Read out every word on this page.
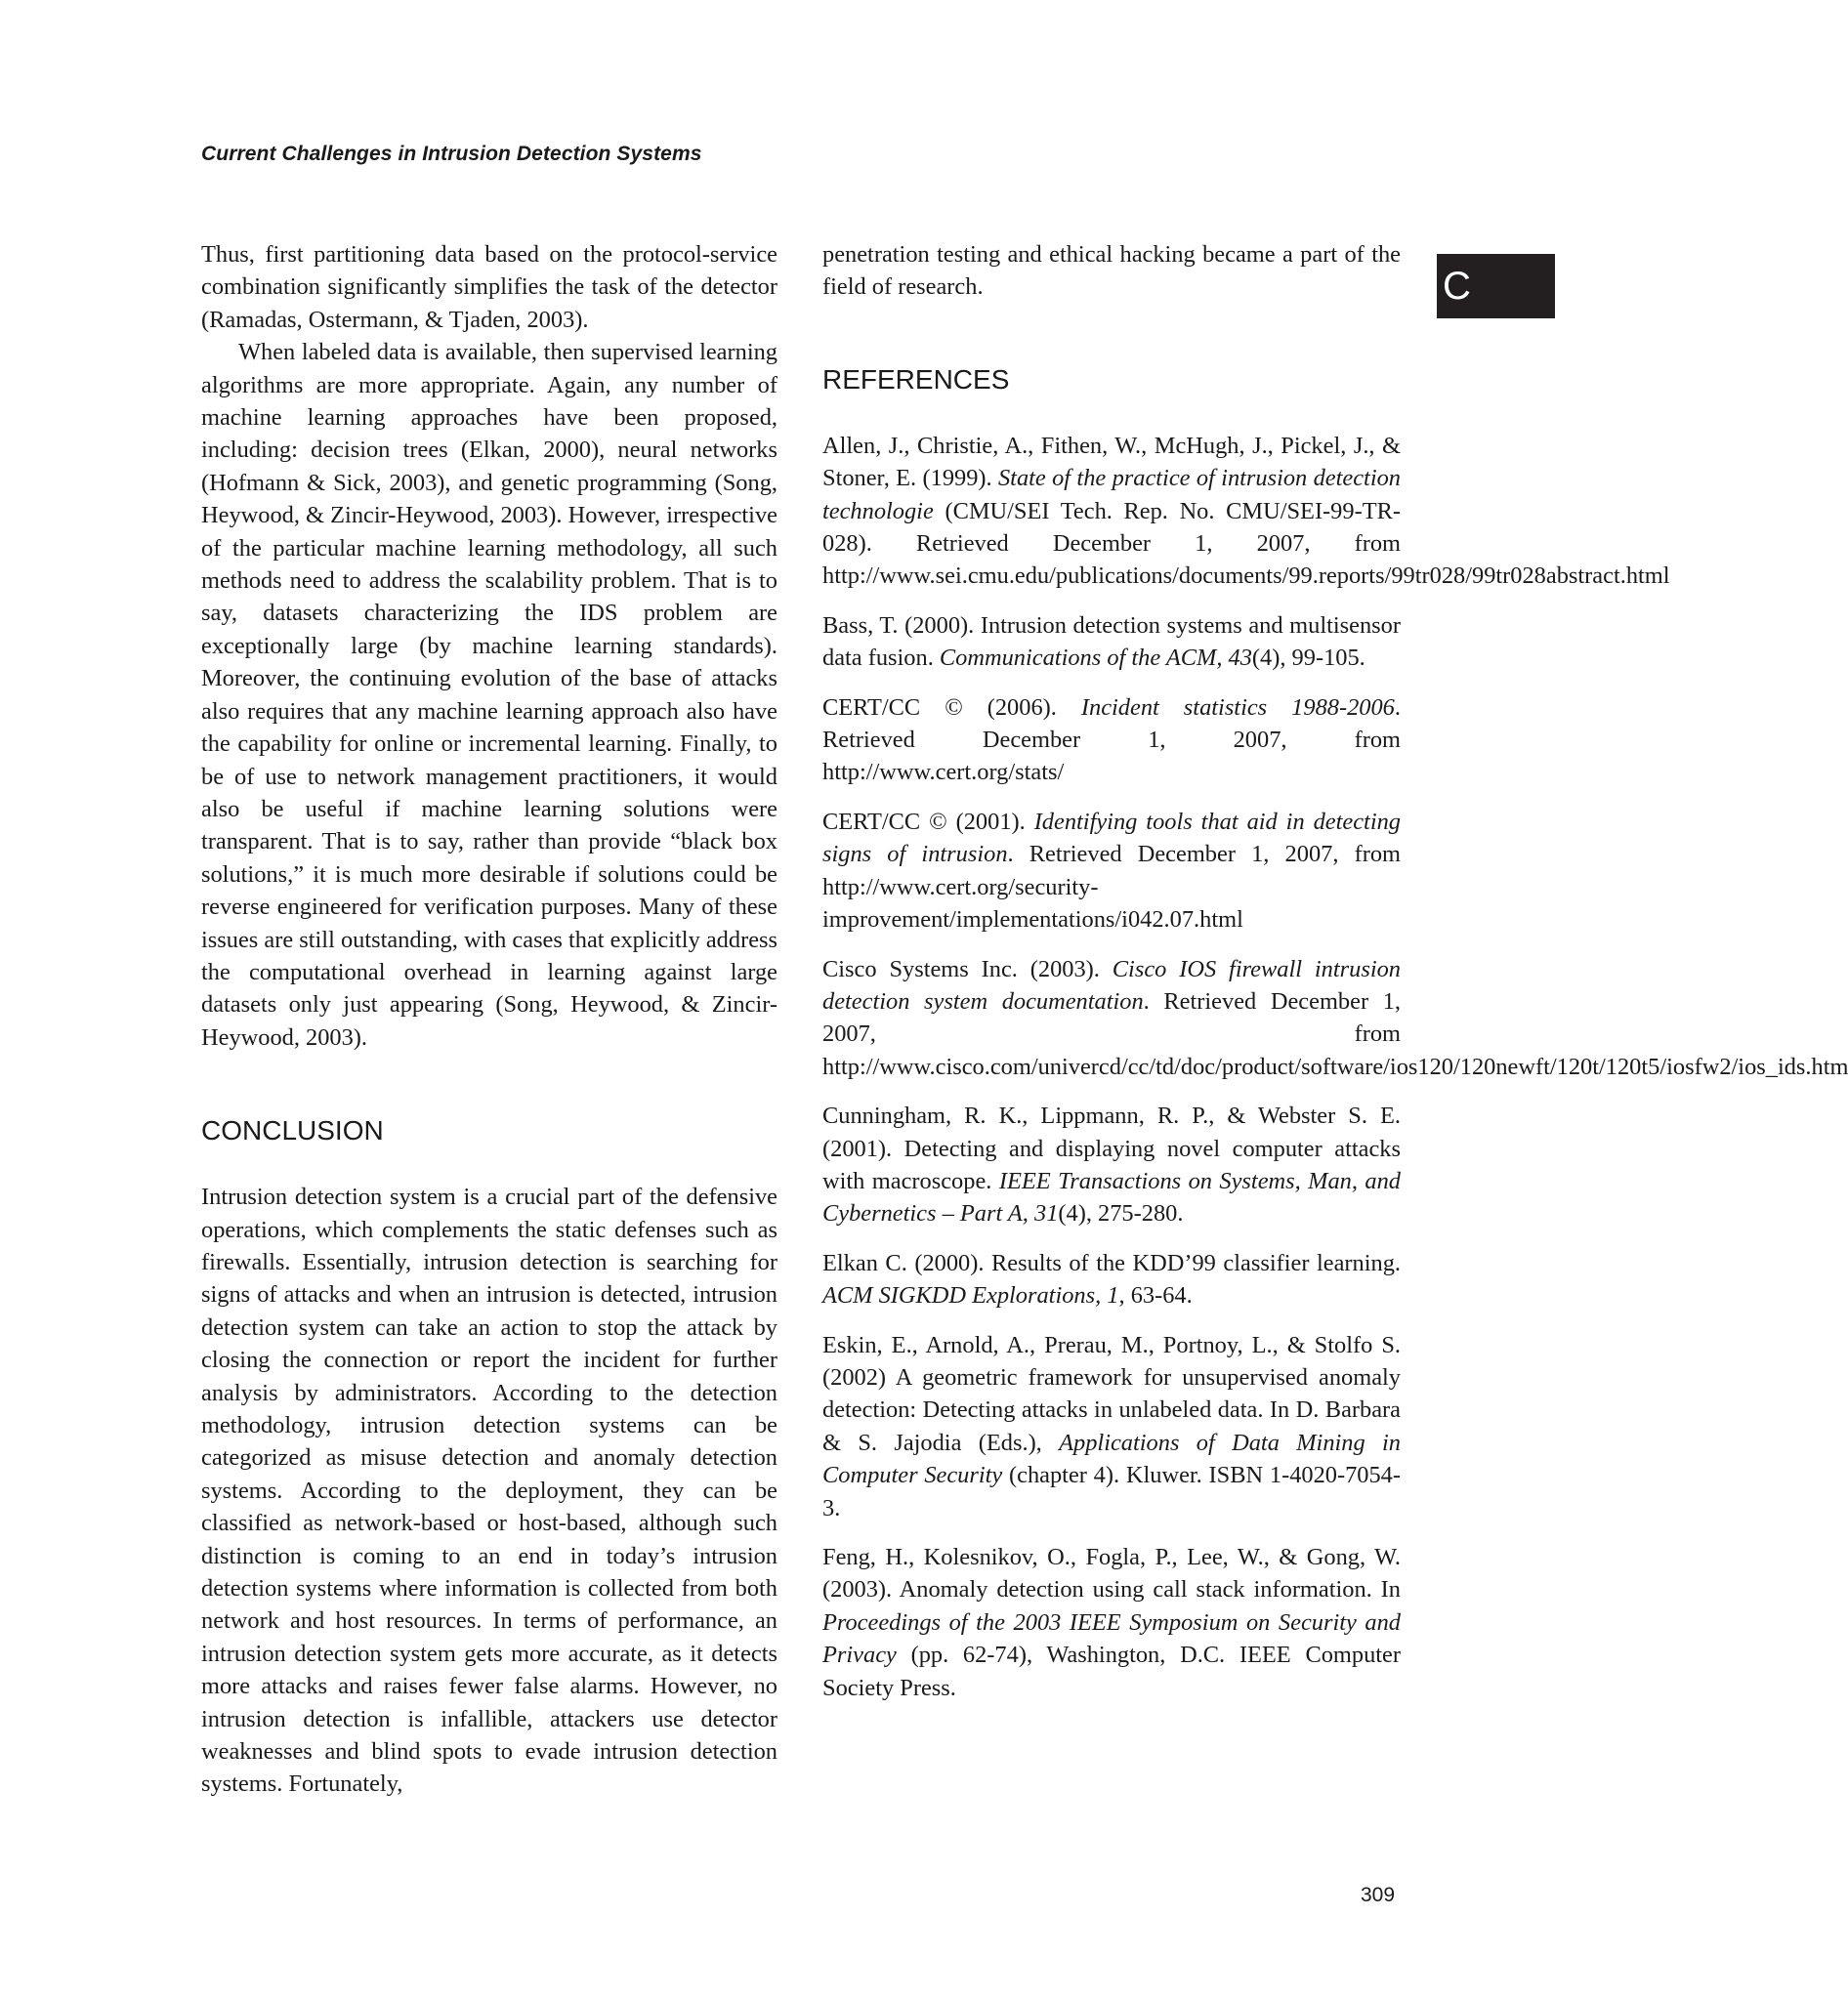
Current Challenges in Intrusion Detection Systems
C

Thus, first partitioning data based on the protocol-service combination significantly simplifies the task of the detector (Ramadas, Ostermann, & Tjaden, 2003).

When labeled data is available, then supervised learning algorithms are more appropriate. Again, any number of machine learning approaches have been proposed, including: decision trees (Elkan, 2000), neural networks (Hofmann & Sick, 2003), and genetic programming (Song, Heywood, & Zincir-Heywood, 2003). However, irrespective of the particular machine learning methodology, all such methods need to address the scalability problem. That is to say, datasets characterizing the IDS problem are exceptionally large (by machine learning standards). Moreover, the continuing evolution of the base of attacks also requires that any machine learning approach also have the capability for online or incremental learning. Finally, to be of use to network management practitioners, it would also be useful if machine learning solutions were transparent. That is to say, rather than provide “black box solutions,” it is much more desirable if solutions could be reverse engineered for verification purposes. Many of these issues are still outstanding, with cases that explicitly address the computational overhead in learning against large datasets only just appearing (Song, Heywood, & Zincir-Heywood, 2003).

CONCLUSION

Intrusion detection system is a crucial part of the defensive operations, which complements the static defenses such as firewalls. Essentially, intrusion detection is searching for signs of attacks and when an intrusion is detected, intrusion detection system can take an action to stop the attack by closing the connection or report the incident for further analysis by administrators. According to the detection methodology, intrusion detection systems can be categorized as misuse detection and anomaly detection systems. According to the deployment, they can be classified as network-based or host-based, although such distinction is coming to an end in today’s intrusion detection systems where information is collected from both network and host resources. In terms of performance, an intrusion detection system gets more accurate, as it detects more attacks and raises fewer false alarms. However, no intrusion detection is infallible, attackers use detector weaknesses and blind spots to evade intrusion detection systems. Fortunately,

penetration testing and ethical hacking became a part of the field of research.

REFERENCES

Allen, J., Christie, A., Fithen, W., McHugh, J., Pickel, J., & Stoner, E. (1999). State of the practice of intrusion detection technologie (CMU/SEI Tech. Rep. No. CMU/SEI-99-TR-028). Retrieved December 1, 2007, from http://www.sei.cmu.edu/publications/documents/99.reports/99tr028/99tr028abstract.html

Bass, T. (2000). Intrusion detection systems and multisensor data fusion. Communications of the ACM, 43(4), 99-105.

CERT/CC © (2006). Incident statistics 1988-2006. Retrieved December 1, 2007, from http://www.cert.org/stats/

CERT/CC © (2001). Identifying tools that aid in detecting signs of intrusion. Retrieved December 1, 2007, from http://www.cert.org/security-improvement/implementations/i042.07.html

Cisco Systems Inc. (2003). Cisco IOS firewall intrusion detection system documentation. Retrieved December 1, 2007, from http://www.cisco.com/univercd/cc/td/doc/product/software/ios120/120newft/120t/120t5/iosfw2/ios_ids.htm

Cunningham, R. K., Lippmann, R. P., & Webster S. E. (2001). Detecting and displaying novel computer attacks with macroscope. IEEE Transactions on Systems, Man, and Cybernetics – Part A, 31(4), 275-280.

Elkan C. (2000). Results of the KDD’99 classifier learning. ACM SIGKDD Explorations, 1, 63-64.

Eskin, E., Arnold, A., Prerau, M., Portnoy, L., & Stolfo S. (2002) A geometric framework for unsupervised anomaly detection: Detecting attacks in unlabeled data. In D. Barbara & S. Jajodia (Eds.), Applications of Data Mining in Computer Security (chapter 4). Kluwer. ISBN 1-4020-7054-3.

Feng, H., Kolesnikov, O., Fogla, P., Lee, W., & Gong, W. (2003). Anomaly detection using call stack information. In Proceedings of the 2003 IEEE Symposium on Security and Privacy (pp. 62-74), Washington, D.C. IEEE Computer Society Press.

309
